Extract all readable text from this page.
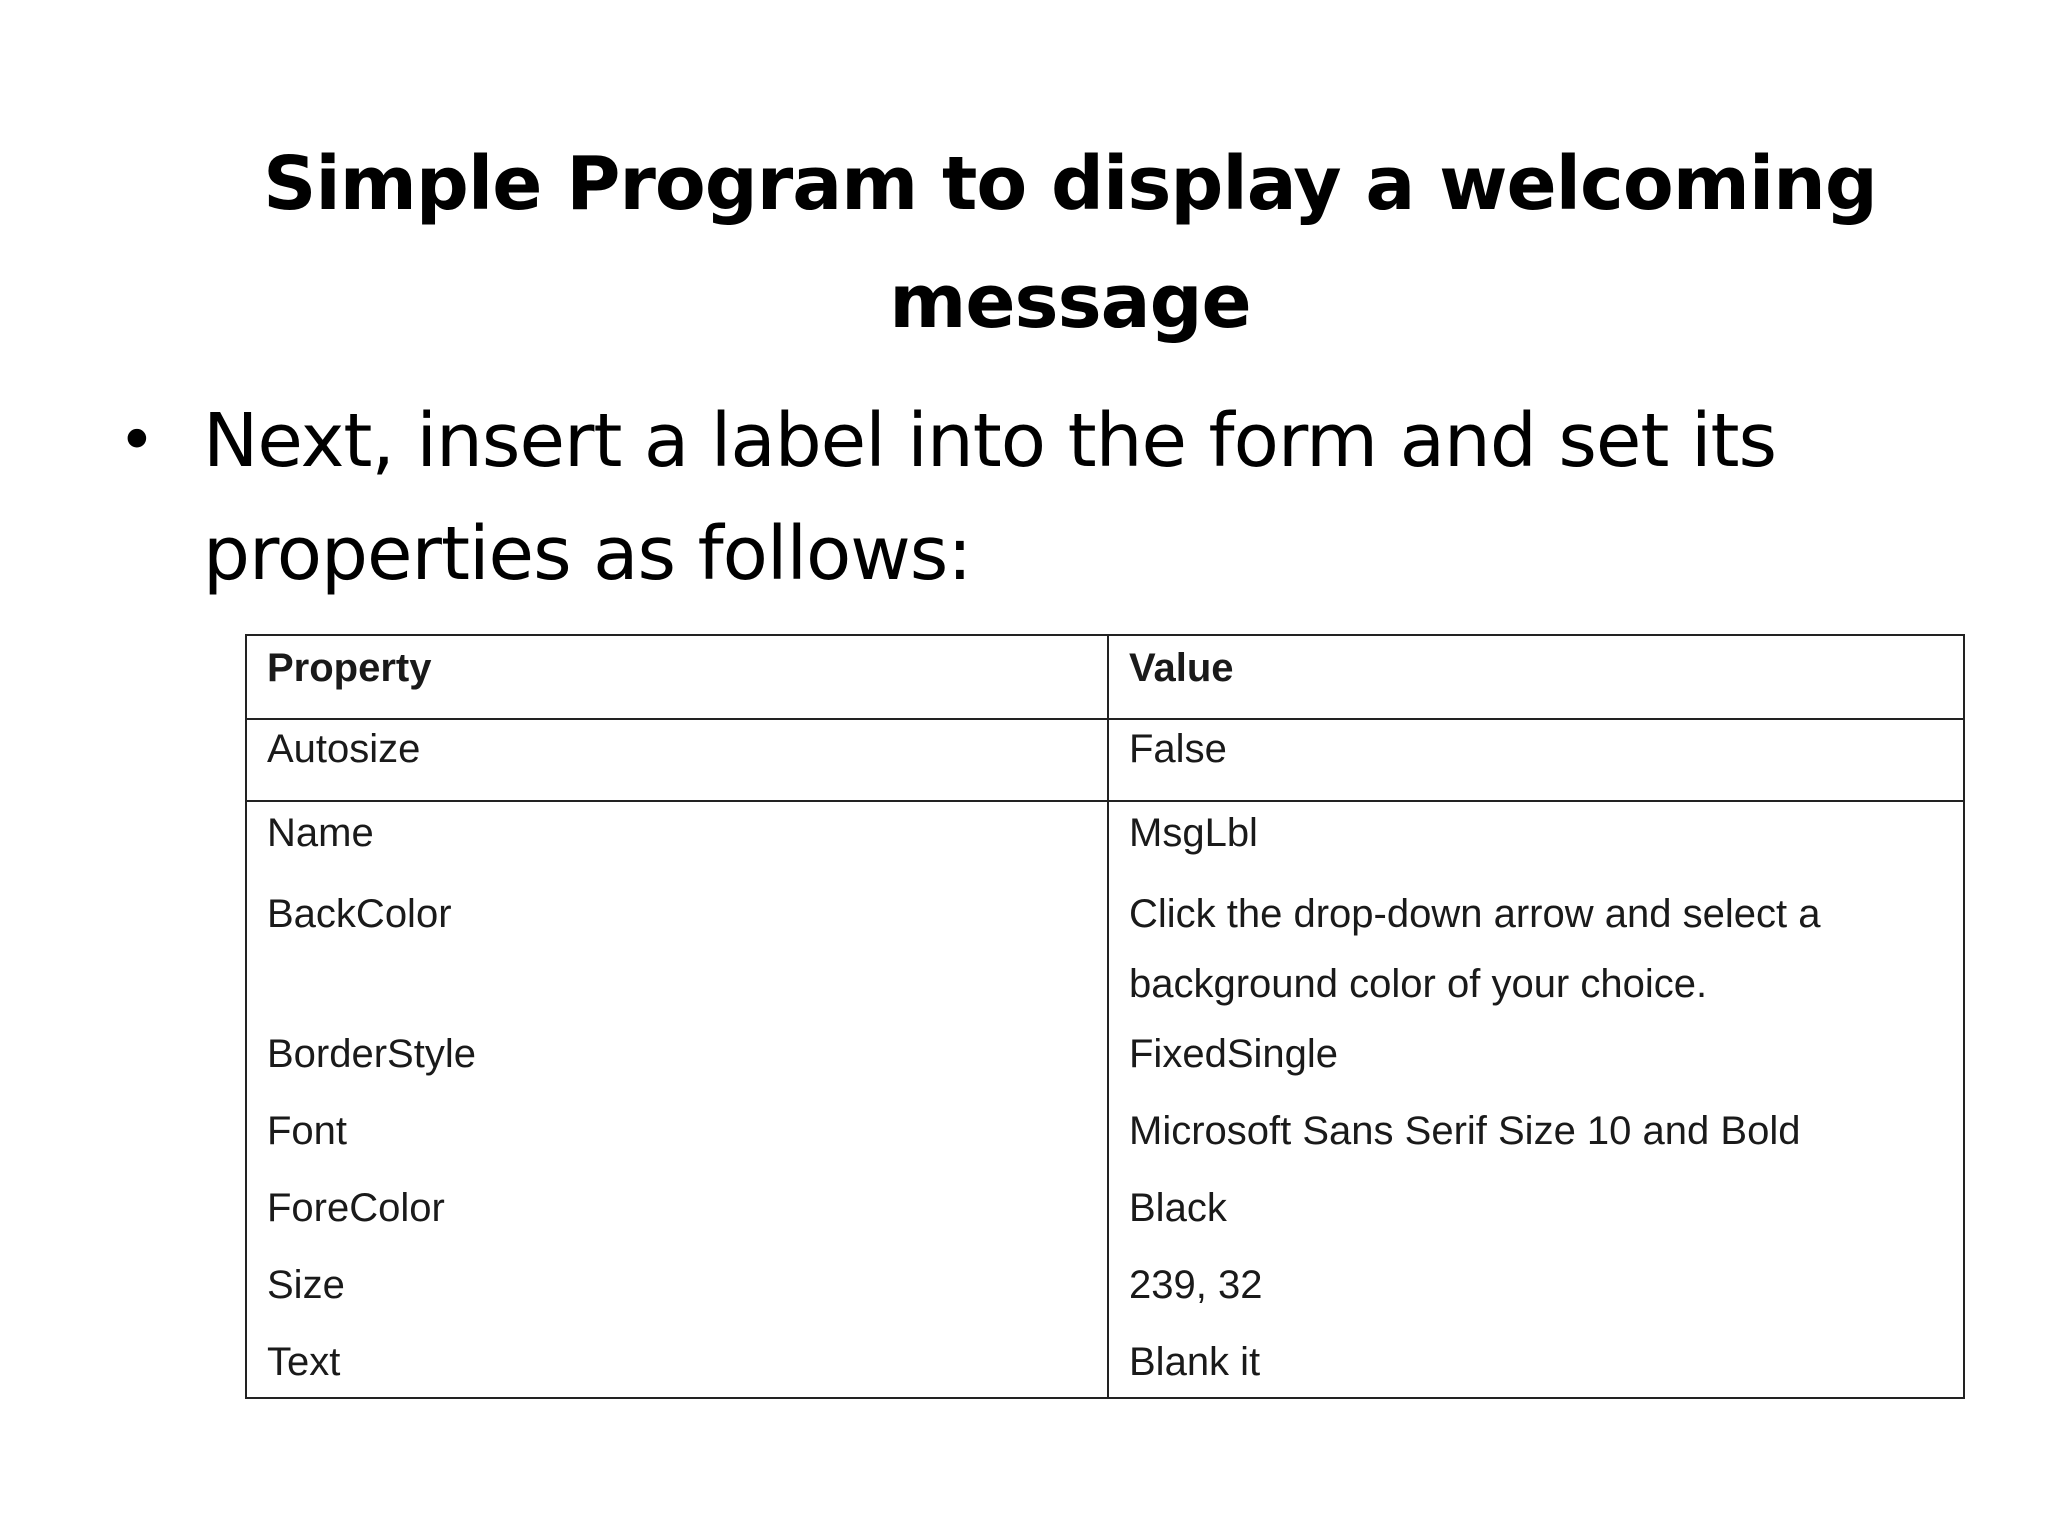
Simple Program to display a welcoming message
• Next, insert a label into the form and set its properties as follows:
Property	Value
Autosize	False
Name	MsgLbl
BackColor	Click the drop-down arrow and select a background color of your choice.
BorderStyle	FixedSingle
Font	Microsoft Sans Serif Size 10 and Bold
ForeColor	Black
Size	239, 32
Text	Blank it
